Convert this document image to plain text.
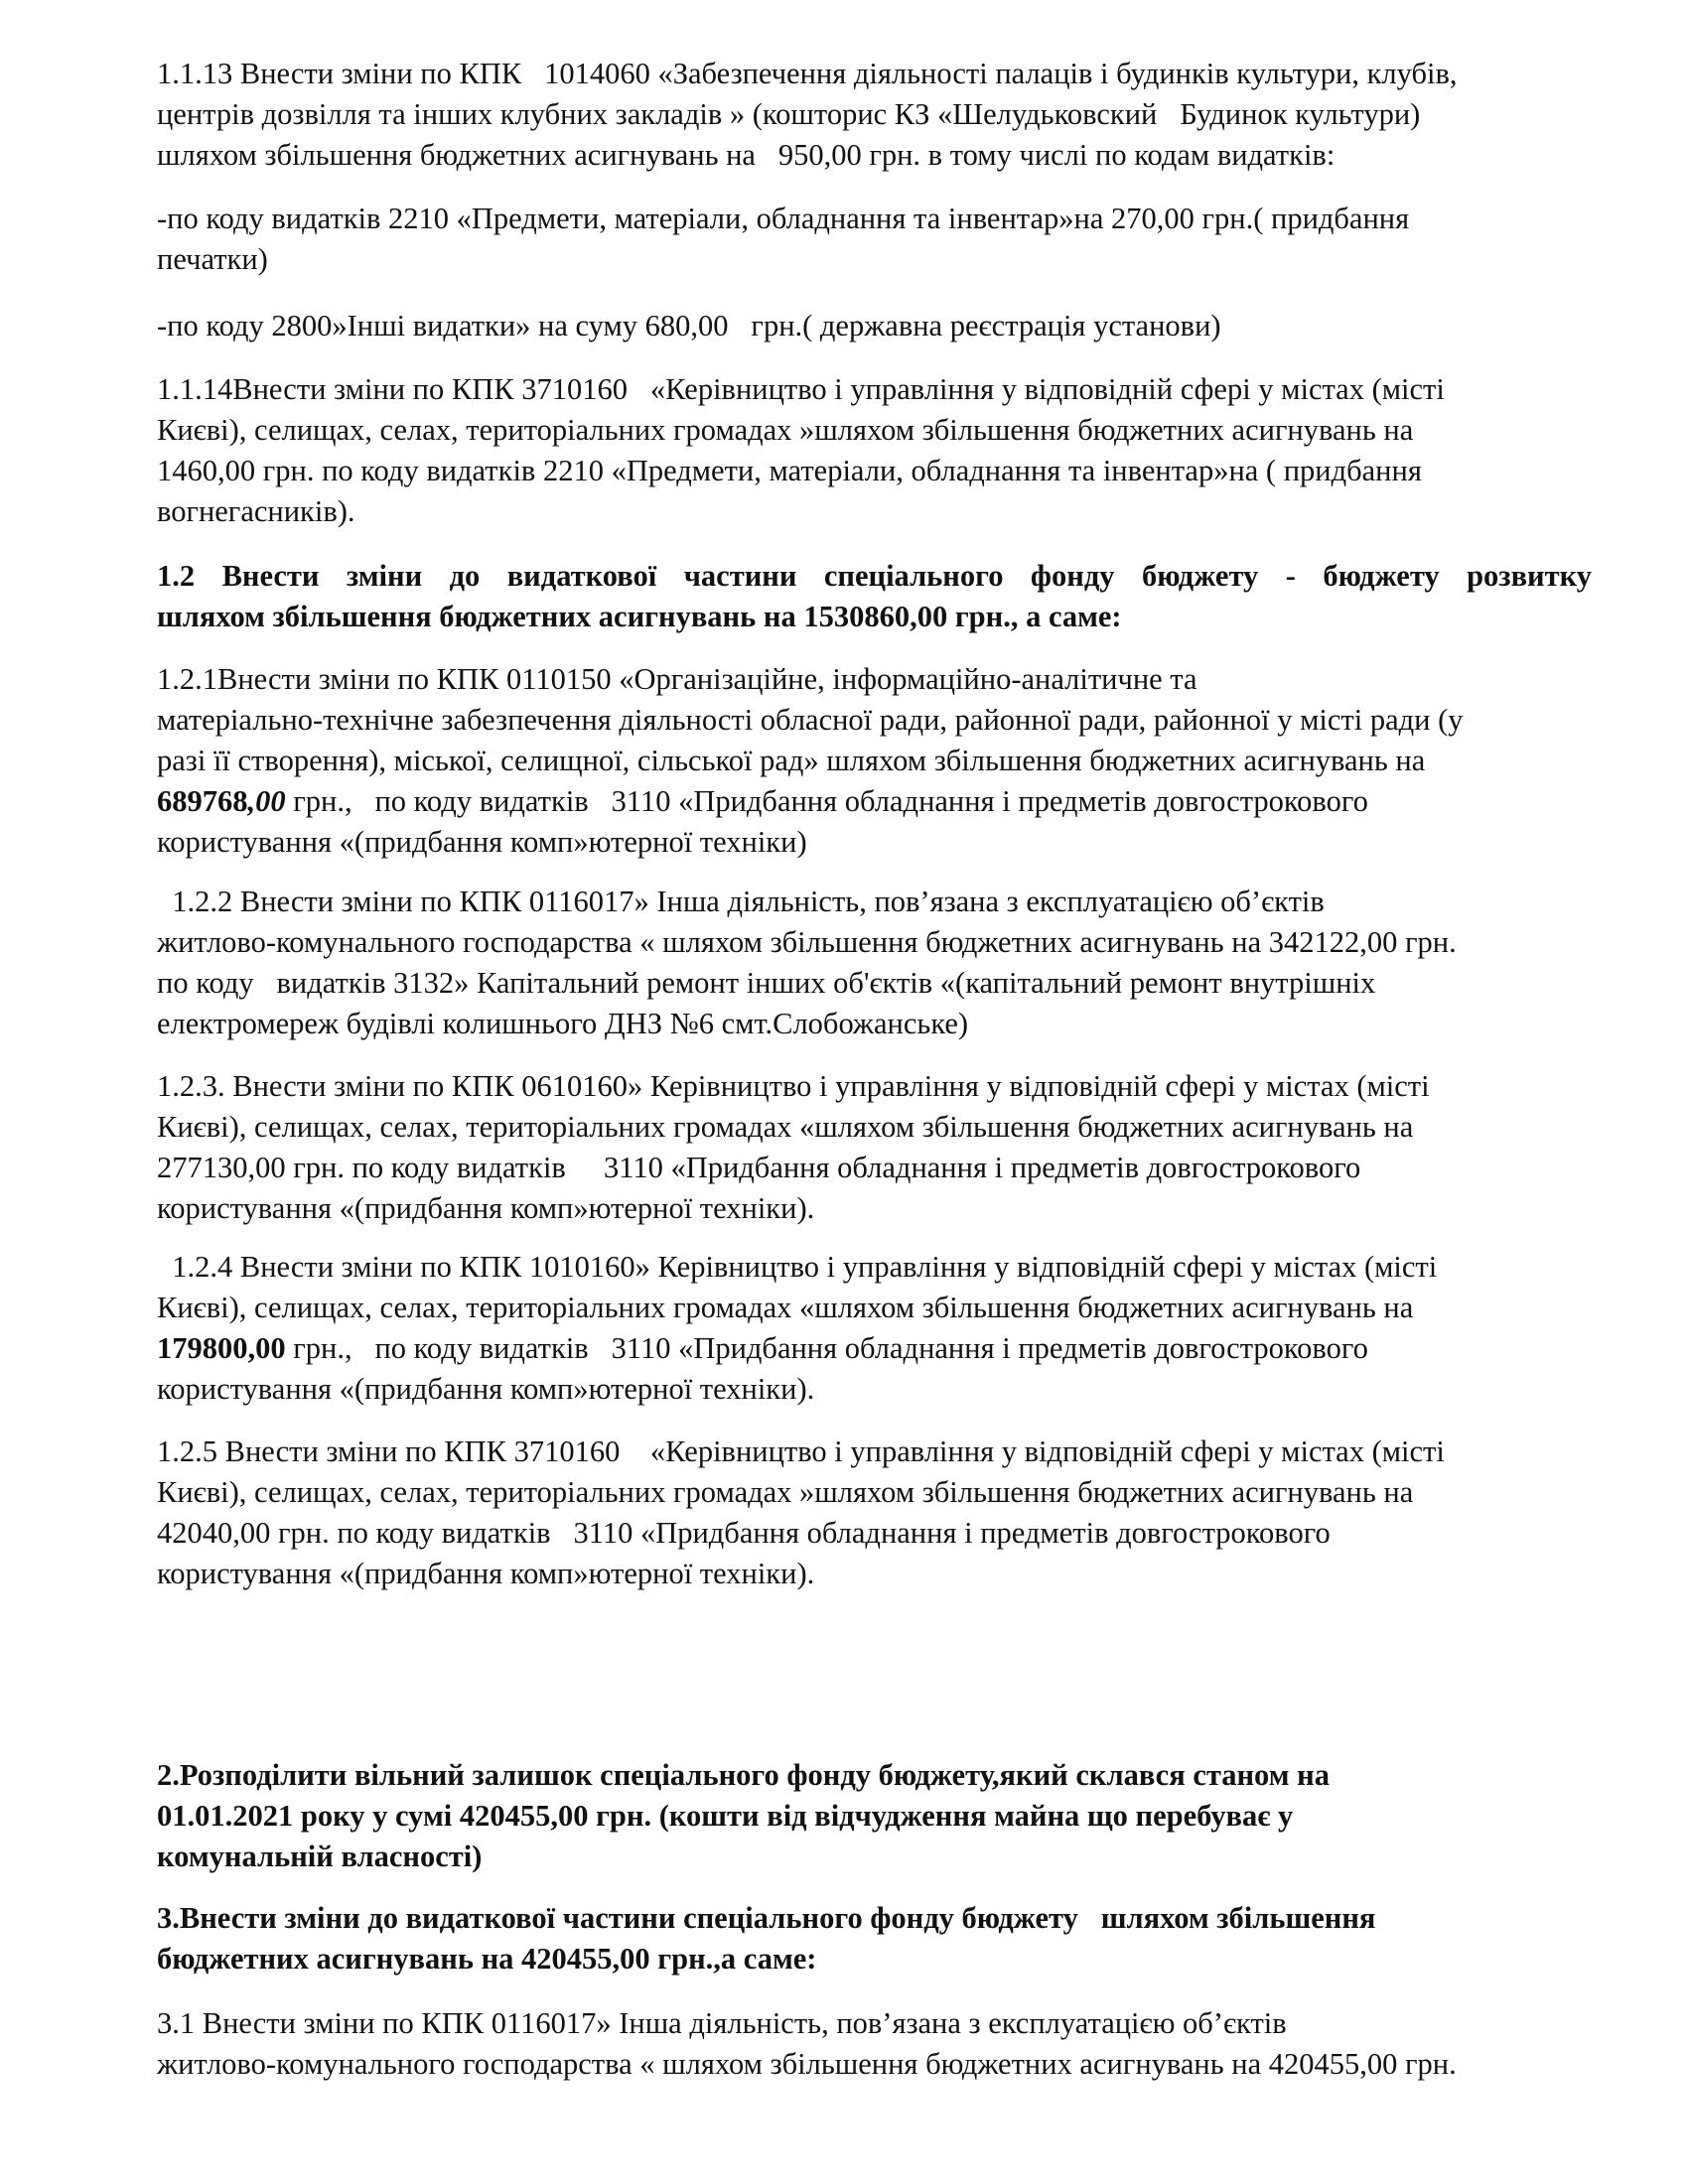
1.1.13 Внести зміни по КПК   1014060 «Забезпечення діяльності палаців і будинків культури, клубів,
центрів дозвілля та інших клубних закладів » (кошторис КЗ «Шелудьковский   Будинок культури)
шляхом збільшення бюджетних асигнувань на   950,00 грн. в тому числі по кодам видатків:
-по коду видатків 2210 «Предмети, матеріали, обладнання та інвентар»на 270,00 грн.( придбання
печатки)
-по коду 2800»Інші видатки» на суму 680,00   грн.( державна реєстрація установи)
1.1.14Внести зміни по КПК 3710160   «Керівництво і управління у відповідній сфері у містах (місті
Києві), селищах, селах, територіальних громадах »шляхом збільшення бюджетних асигнувань на
1460,00 грн. по коду видатків 2210 «Предмети, матеріали, обладнання та інвентар»на ( придбання
вогнегасників).
1.2 Внести зміни до видаткової частини спеціального фонду бюджету - бюджету розвитку
шляхом збільшення бюджетних асигнувань на 1530860,00 грн., а саме:
1.2.1Внести зміни по КПК 0110150 «Організаційне, інформаційно-аналітичне та
матеріально-технічне забезпечення діяльності обласної ради, районної ради, районної у місті ради (у
разі її створення), міської, селищної, сільської рад» шляхом збільшення бюджетних асигнувань на
689768,00 грн.,   по коду видатків   3110 «Придбання обладнання і предметів довгострокового
користування «(придбання комп»ютерної техніки)
1.2.2 Внести зміни по КПК 0116017» Інша діяльність, пов’язана з експлуатацією об’єктів
житлово-комунального господарства « шляхом збільшення бюджетних асигнувань на 342122,00 грн.
по коду   видатків 3132» Капітальний ремонт інших об'єктів «(капітальний ремонт внутрішніх
електромереж будівлі колишнього ДНЗ №6 смт.Слобожанське)
1.2.3. Внести зміни по КПК 0610160» Керівництво і управління у відповідній сфері у містах (місті
Києві), селищах, селах, територіальних громадах «шляхом збільшення бюджетних асигнувань на
277130,00 грн. по коду видатків     3110 «Придбання обладнання і предметів довгострокового
користування «(придбання комп»ютерної техніки).
1.2.4 Внести зміни по КПК 1010160» Керівництво і управління у відповідній сфері у містах (місті
Києві), селищах, селах, територіальних громадах «шляхом збільшення бюджетних асигнувань на
179800,00 грн.,   по коду видатків   3110 «Придбання обладнання і предметів довгострокового
користування «(придбання комп»ютерної техніки).
1.2.5 Внести зміни по КПК 3710160    «Керівництво і управління у відповідній сфері у містах (місті
Києві), селищах, селах, територіальних громадах »шляхом збільшення бюджетних асигнувань на
42040,00 грн. по коду видатків   3110 «Придбання обладнання і предметів довгострокового
користування «(придбання комп»ютерної техніки).
2.Розподілити вільний залишок спеціального фонду бюджету,який склався станом на
01.01.2021 року у сумі 420455,00 грн. (кошти від відчудження майна що перебуває у
комунальній власності)
3.Внести зміни до видаткової частини спеціального фонду бюджету   шляхом збільшення
бюджетних асигнувань на 420455,00 грн.,а саме:
3.1 Внести зміни по КПК 0116017» Інша діяльність, пов’язана з експлуатацією об’єктів
житлово-комунального господарства « шляхом збільшення бюджетних асигнувань на 420455,00 грн.
